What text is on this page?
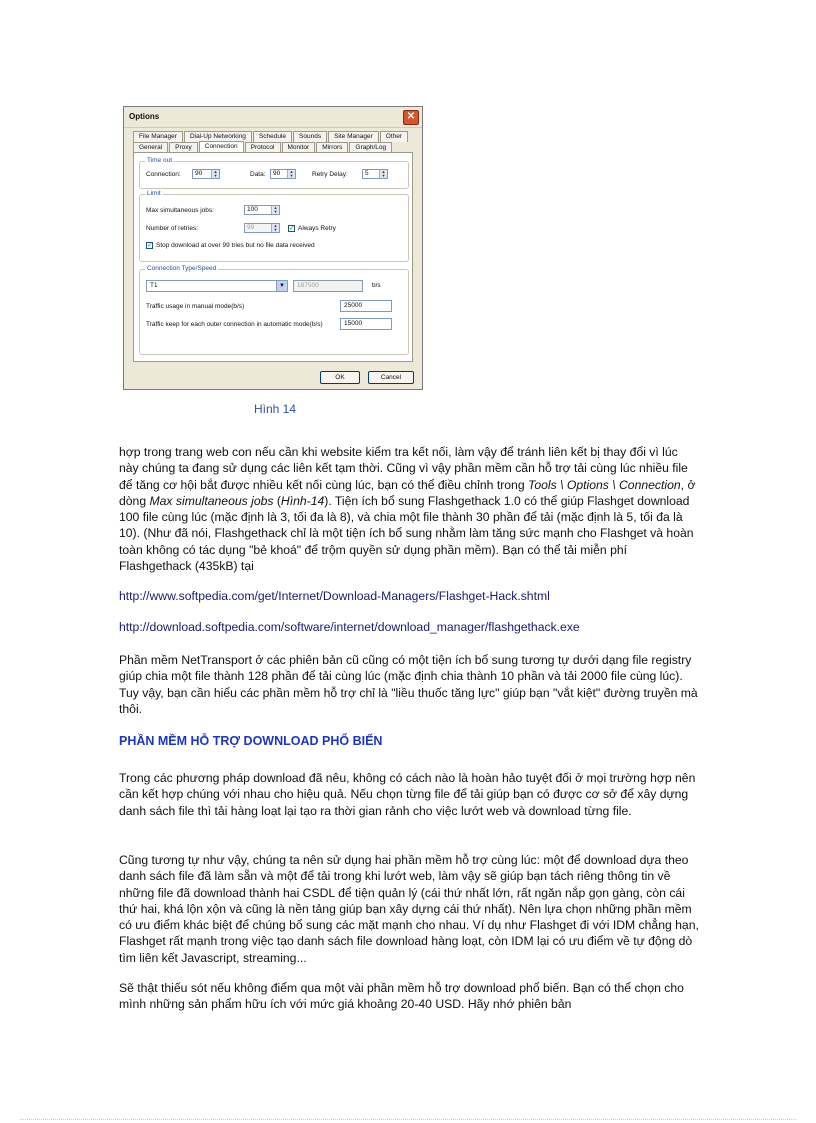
Options	✕
File Manager	Dial-Up Networking	Schedule	Sounds	Site Manager	Other
General	Proxy	Connection	Protocol	Monitor	Mirrors	Graph/Log
Time out
Connection:	90	▲
▼	Data:	90	▲
▼	Retry Delay:	5	▲
▼
Limit
Max simultaneous jobs:	100	▲
▼
Number of retries:	99	▲
▼ ✓ Always Retry
✓ Stop download at over 99 tries but no file data received
Connection Type/Speed
T1	▼	187500	b/s
Traffic usage in manual mode(b/s)	25000
Traffic keep for each outer connection in automatic mode(b/s)	15000
OK	Cancel
Hình 14

hợp trong trang web con nếu cần khi website kiểm tra kết nối, làm vậy để tránh liên kết bị thay đổi vì lúc này chúng ta đang sử dụng các liên kết tạm thời. Cũng vì vậy phần mềm cần hỗ trợ tải cùng lúc nhiều file để tăng cơ hội bắt được nhiều kết nối cùng lúc, bạn có thể điều chỉnh trong Tools \ Options \ Connection, ở dòng Max simultaneous jobs (Hình-14). Tiện ích bổ sung Flashgethack 1.0 có thể giúp Flashget download 100 file cùng lúc (mặc định là 3, tối đa là 8), và chia một file thành 30 phần để tải (mặc định là 5, tối đa là 10). (Như đã nói, Flashgethack chỉ là một tiện ích bổ sung nhằm làm tăng sức mạnh cho Flashget và hoàn toàn không có tác dụng "bẻ khoá" để trộm quyền sử dụng phần mềm). Bạn có thể tải miễn phí Flashgethack (435kB) tại

http://www.softpedia.com/get/Internet/Download-Managers/Flashget-Hack.shtml

http://download.softpedia.com/software/internet/download_manager/flashgethack.exe

Phần mềm NetTransport ở các phiên bản cũ cũng có một tiện ích bổ sung tương tự dưới dạng file registry giúp chia một file thành 128 phần để tải cùng lúc (mặc định chia thành 10 phần và tải 2000 file cùng lúc). Tuy vậy, bạn cần hiểu các phần mềm hỗ trợ chỉ là "liều thuốc tăng lực" giúp bạn "vắt kiệt" đường truyền mà thôi.

PHẦN MỀM HỖ TRỢ DOWNLOAD PHỔ BIẾN

Trong các phương pháp download đã nêu, không có cách nào là hoàn hảo tuyệt đối ở mọi trường hợp nên cần kết hợp chúng với nhau cho hiệu quả. Nếu chọn từng file để tải giúp bạn có được cơ sở để xây dựng danh sách file thì tải hàng loạt lại tạo ra thời gian rảnh cho việc lướt web và download từng file.

Cũng tương tự như vậy, chúng ta nên sử dụng hai phần mềm hỗ trợ cùng lúc: một để download dựa theo danh sách file đã làm sẵn và một để tải trong khi lướt web, làm vậy sẽ giúp bạn tách riêng thông tin về những file đã download thành hai CSDL để tiện quản lý (cái thứ nhất lớn, rất ngăn nắp gọn gàng, còn cái thứ hai, khá lộn xộn và cũng là nền tảng giúp bạn xây dựng cái thứ nhất). Nên lựa chọn những phần mềm có ưu điểm khác biệt để chúng bổ sung các mặt mạnh cho nhau. Ví dụ như Flashget đi với IDM chẳng hạn, Flashget rất mạnh trong việc tạo danh sách file download hàng loạt, còn IDM lại có ưu điểm về tự động dò tìm liên kết Javascript, streaming...

Sẽ thật thiếu sót nếu không điểm qua một vài phần mềm hỗ trợ download phổ biến. Bạn có thể chọn cho mình những sản phẩm hữu ích với mức giá khoảng 20-40 USD. Hãy nhớ phiên bản
